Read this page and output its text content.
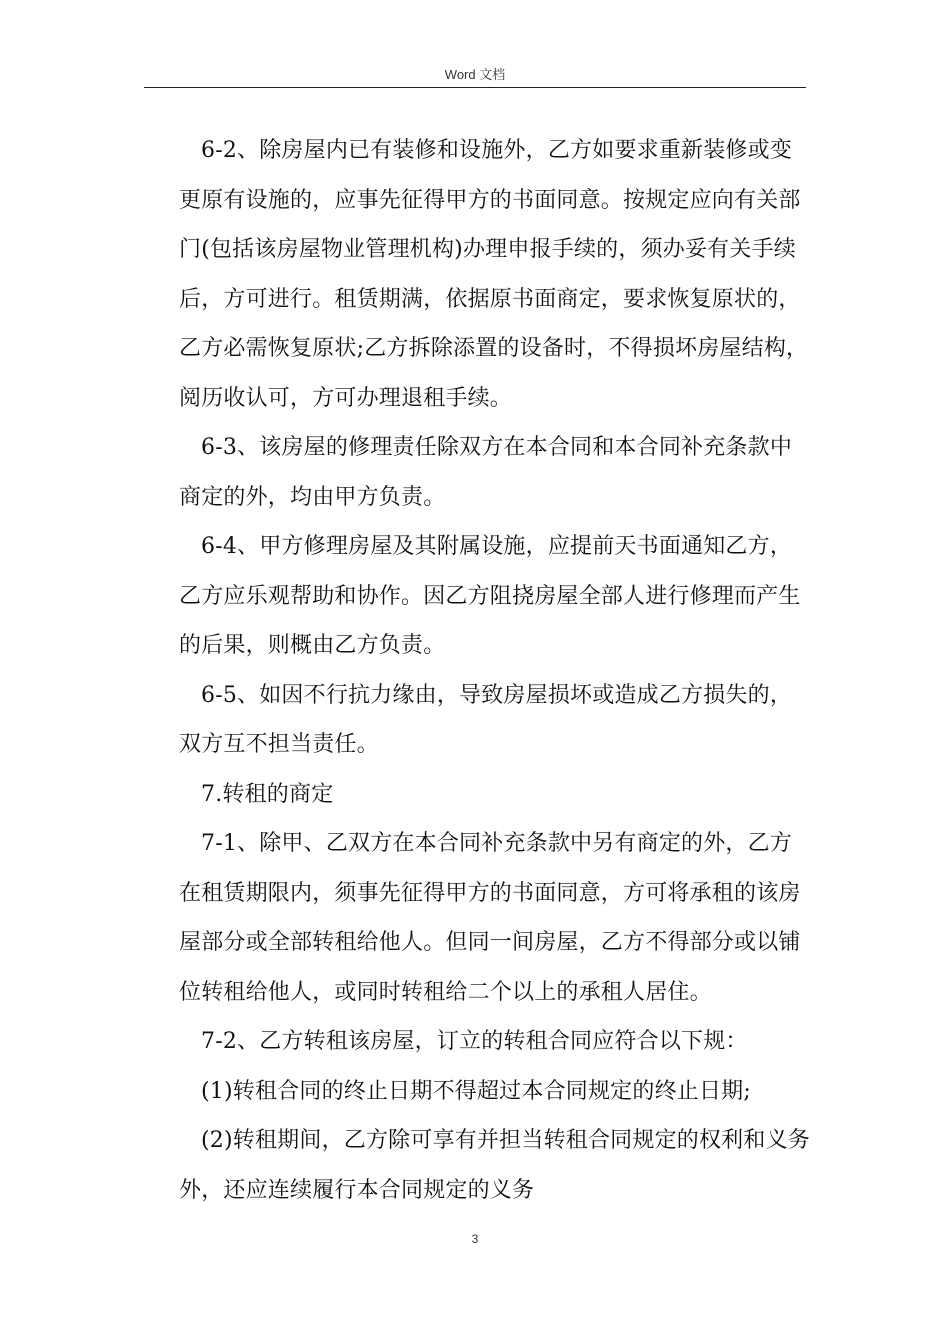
Word 文档
6-2、除房屋内已有装修和设施外，乙方如要求重新装修或变
更原有设施的，应事先征得甲方的书面同意。按规定应向有关部
门(包括该房屋物业管理机构)办理申报手续的，须办妥有关手续
后，方可进行。租赁期满，依据原书面商定，要求恢复原状的，
乙方必需恢复原状;乙方拆除添置的设备时，不得损坏房屋结构，
阅历收认可，方可办理退租手续。
6-3、该房屋的修理责任除双方在本合同和本合同补充条款中
商定的外，均由甲方负责。
6-4、甲方修理房屋及其附属设施，应提前天书面通知乙方，
乙方应乐观帮助和协作。因乙方阻挠房屋全部人进行修理而产生
的后果，则概由乙方负责。
6-5、如因不行抗力缘由，导致房屋损坏或造成乙方损失的，
双方互不担当责任。
7.转租的商定
7-1、除甲、乙双方在本合同补充条款中另有商定的外，乙方
在租赁期限内，须事先征得甲方的书面同意，方可将承租的该房
屋部分或全部转租给他人。但同一间房屋，乙方不得部分或以铺
位转租给他人，或同时转租给二个以上的承租人居住。
7-2、乙方转租该房屋，订立的转租合同应符合以下规：
(1)转租合同的终止日期不得超过本合同规定的终止日期;
(2)转租期间，乙方除可享有并担当转租合同规定的权利和义务
外，还应连续履行本合同规定的义务
3
